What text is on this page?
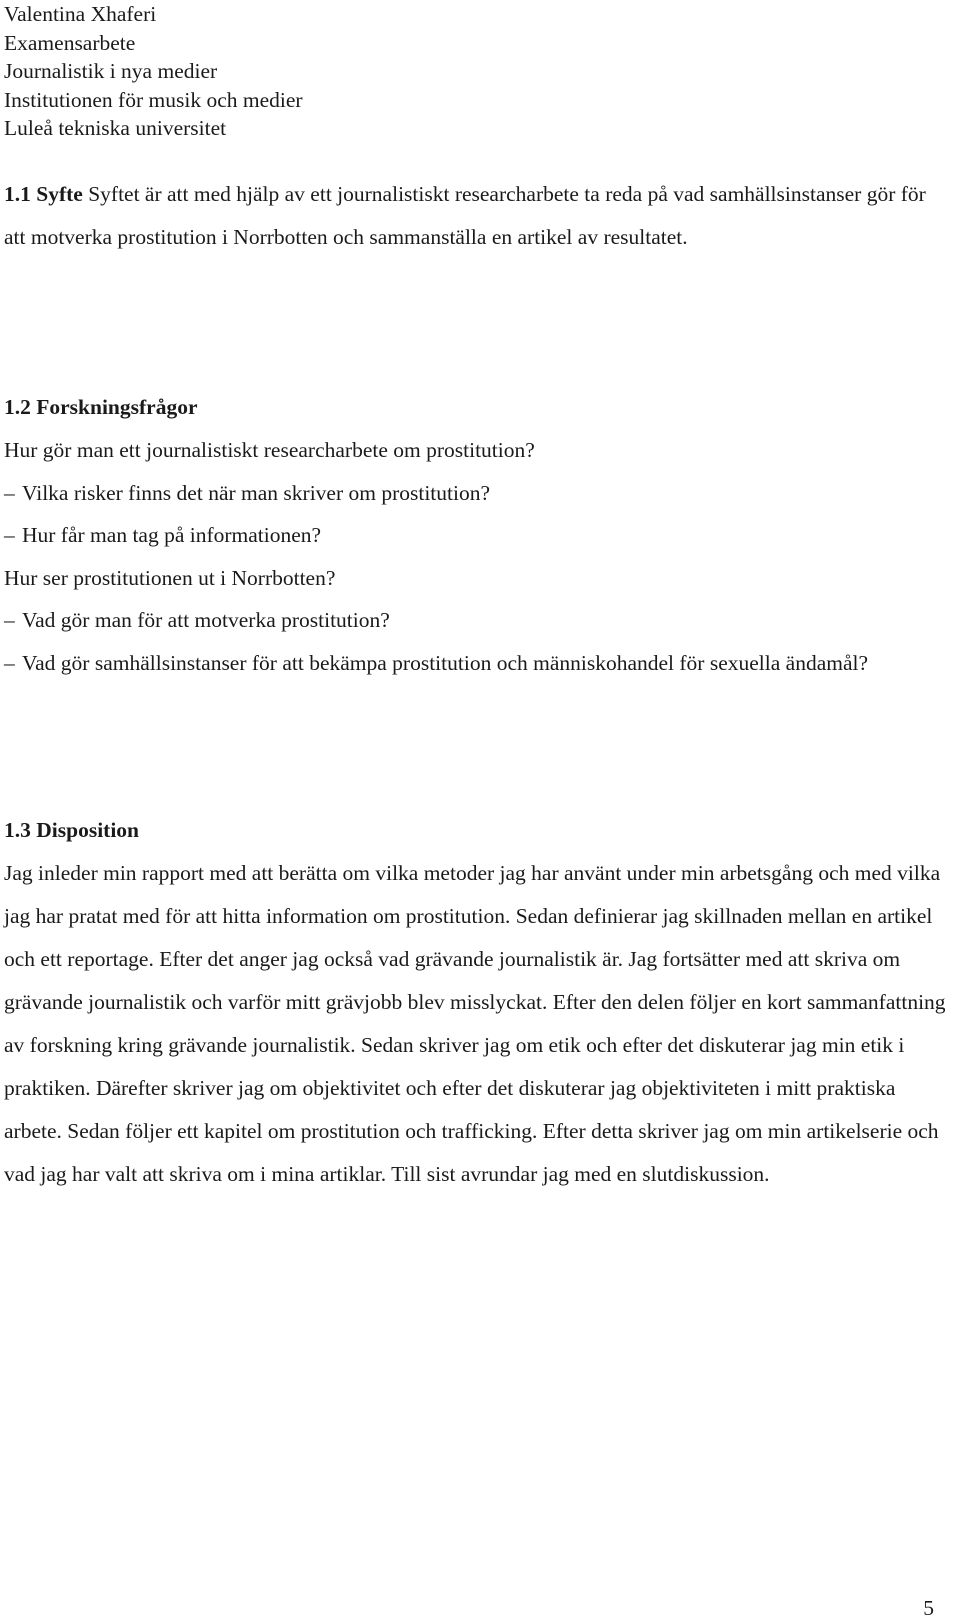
Valentina Xhaferi
Examensarbete
Journalistik i nya medier
Institutionen för musik och medier
Luleå tekniska universitet

1.1 Syfte Syftet är att med hjälp av ett journalistiskt researcharbete ta reda på vad samhällsinstanser gör för att motverka prostitution i Norrbotten och sammanställa en artikel av resultatet.

1.2 Forskningsfrågor

Hur gör man ett journalistiskt researcharbete om prostitution?

– Vilka risker finns det när man skriver om prostitution?

– Hur får man tag på informationen?

Hur ser prostitutionen ut i Norrbotten?

– Vad gör man för att motverka prostitution?

– Vad gör samhällsinstanser för att bekämpa prostitution och människohandel för sexuella ändamål?

1.3 Disposition

Jag inleder min rapport med att berätta om vilka metoder jag har använt under min arbetsgång och med vilka jag har pratat med för att hitta information om prostitution. Sedan definierar jag skillnaden mellan en artikel och ett reportage. Efter det anger jag också vad grävande journalistik är. Jag fortsätter med att skriva om grävande journalistik och varför mitt grävjobb blev misslyckat. Efter den delen följer en kort sammanfattning av forskning kring grävande journalistik. Sedan skriver jag om etik och efter det diskuterar jag min etik i praktiken. Därefter skriver jag om objektivitet och efter det diskuterar jag objektiviteten i mitt praktiska arbete. Sedan följer ett kapitel om prostitution och trafficking. Efter detta skriver jag om min artikelserie och vad jag har valt att skriva om i mina artiklar. Till sist avrundar jag med en slutdiskussion.

5
